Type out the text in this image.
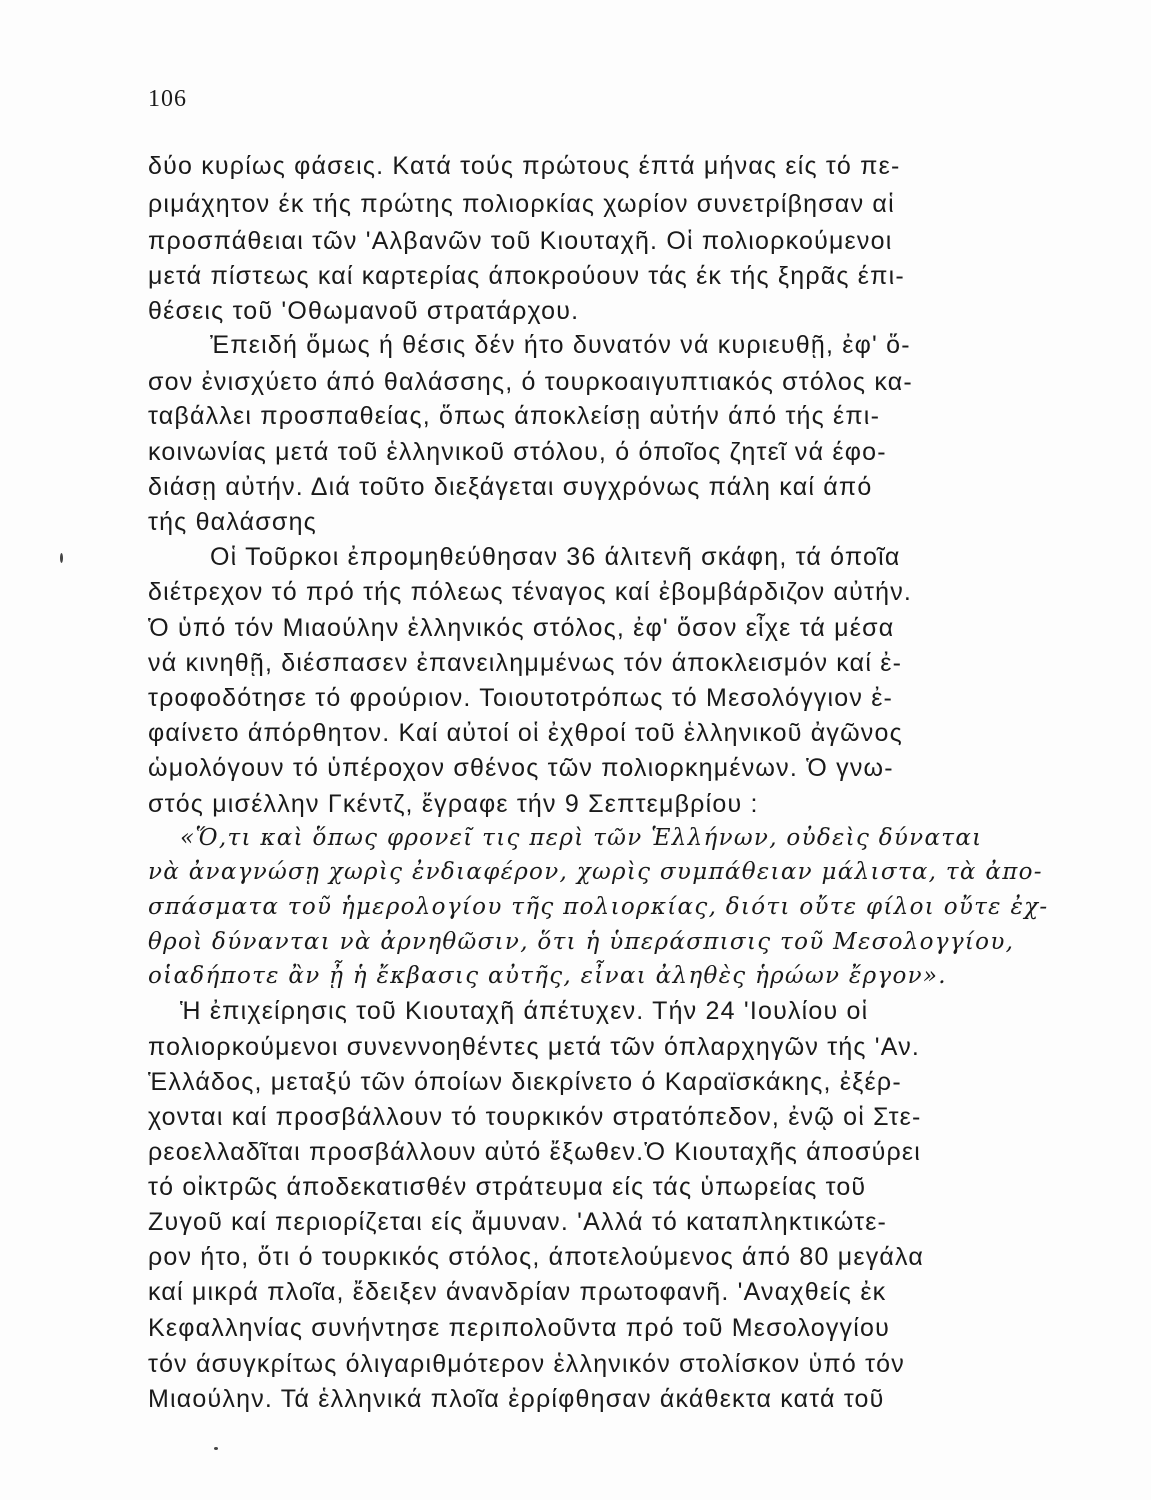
106
δύο κυρίως φάσεις. Κατά τούς πρώτους έπτά μήνας είς τό πε-
ριμάχητον έκ τής πρώτης πολιορκίας χωρίον συνετρίβησαν αἱ
προσπάθειαι τῶν 'Αλβανῶν τοῦ Κιουταχῆ. Οἱ πολιορκούμενοι
μετά πίστεως καί καρτερίας άποκρούουν τάς έκ τής ξηρᾶς έπι-
θέσεις τοῦ 'Οθωμανοῦ στρατάρχου.
Ἐπειδή ὅμως ή θέσις δέν ήτο δυνατόν νά κυριευθῇ, ἐφ' ὅ-
σον ἐνισχύετο άπό θαλάσσης, ό τουρκοαιγυπτιακός στόλος κα-
ταβάλλει προσπαθείας, ὅπως άποκλείσῃ αὐτήν άπό τής έπι-
κοινωνίας μετά τοῦ ἑλληνικοῦ στόλου, ό όποῖος ζητεῖ νά έφο-
διάσῃ αὐτήν. Διά τοῦτο διεξάγεται συγχρόνως πάλη καί άπό
τής θαλάσσης
Οἱ Τοῦρκοι ἐπρομηθεύθησαν 36 άλιτενῆ σκάφη, τά όποῖα
διέτρεχον τό πρό τής πόλεως τέναγος καί ἐβομβάρδιζον αὐτήν.
Ὁ ὑπό τόν Μιαούλην ἑλληνικός στόλος, ἐφ' ὅσον εἶχε τά μέσα
νά κινηθῇ, διέσπασεν ἐπανειλημμένως τόν άποκλεισμόν καί ἐ-
τροφοδότησε τό φρούριον. Τοιουτοτρόπως τό Μεσολόγγιον ἐ-
φαίνετο άπόρθητον. Καί αὐτοί οἱ ἐχθροί τοῦ ἑλληνικοῦ ἀγῶνος
ὡμολόγουν τό ὑπέροχον σθένος τῶν πολιορκημένων. Ὁ γνω-
στός μισέλλην Γκέντζ, ἔγραφε τήν 9 Σεπτεμβρίου :
«Ὅ,τι καὶ ὅπως φρονεῖ τις περὶ τῶν Ἑλλήνων, οὐδεὶς δύναται
νὰ ἀναγνώσῃ χωρὶς ἐνδιαφέρον, χωρὶς συμπάθειαν μάλιστα, τὰ ἀπο-
σπάσματα τοῦ ἡμερολογίου τῆς πολιορκίας, διότι οὔτε φίλοι οὔτε ἐχ-
θροὶ δύνανται νὰ ἀρνηθῶσιν, ὅτι ἡ ὑπεράσπισις τοῦ Μεσολογγίου,
οἱαδήποτε ἂν ᾖ ἡ ἔκβασις αὐτῆς, εἶναι ἀληθὲς ἡρώων ἔργον».
Ἡ ἐπιχείρησις τοῦ Κιουταχῆ άπέτυχεν. Τήν 24 'Ιουλίου οἱ
πολιορκούμενοι συνεννοηθέντες μετά τῶν όπλαρχηγῶν τής 'Αν.
Ἑλλάδος, μεταξύ τῶν όποίων διεκρίνετο ό Καραϊσκάκης, ἐξέρ-
χονται καί προσβάλλουν τό τουρκικόν στρατόπεδον, ἐνῷ οἱ Στε-
ρεοελλαδῖται προσβάλλουν αὐτό ἔξωθεν.Ὁ Κιουταχῆς άποσύρει
τό οἰκτρῶς άποδεκατισθέν στράτευμα είς τάς ὑπωρείας τοῦ
Ζυγοῦ καί περιορίζεται είς ἄμυναν. 'Αλλά τό καταπληκτικώτε-
ρον ήτο, ὅτι ό τουρκικός στόλος, άποτελούμενος άπό 80 μεγάλα
καί μικρά πλοῖα, ἔδειξεν άνανδρίαν πρωτοφανῆ. 'Αναχθείς ἐκ
Κεφαλληνίας συνήντησε περιπολοῦντα πρό τοῦ Μεσολογγίου
τόν άσυγκρίτως όλιγαριθμότερον ἑλληνικόν στολίσκον ὑπό τόν
Μιαούλην. Τά ἑλληνικά πλοῖα ἐρρίφθησαν άκάθεκτα κατά τοῦ
